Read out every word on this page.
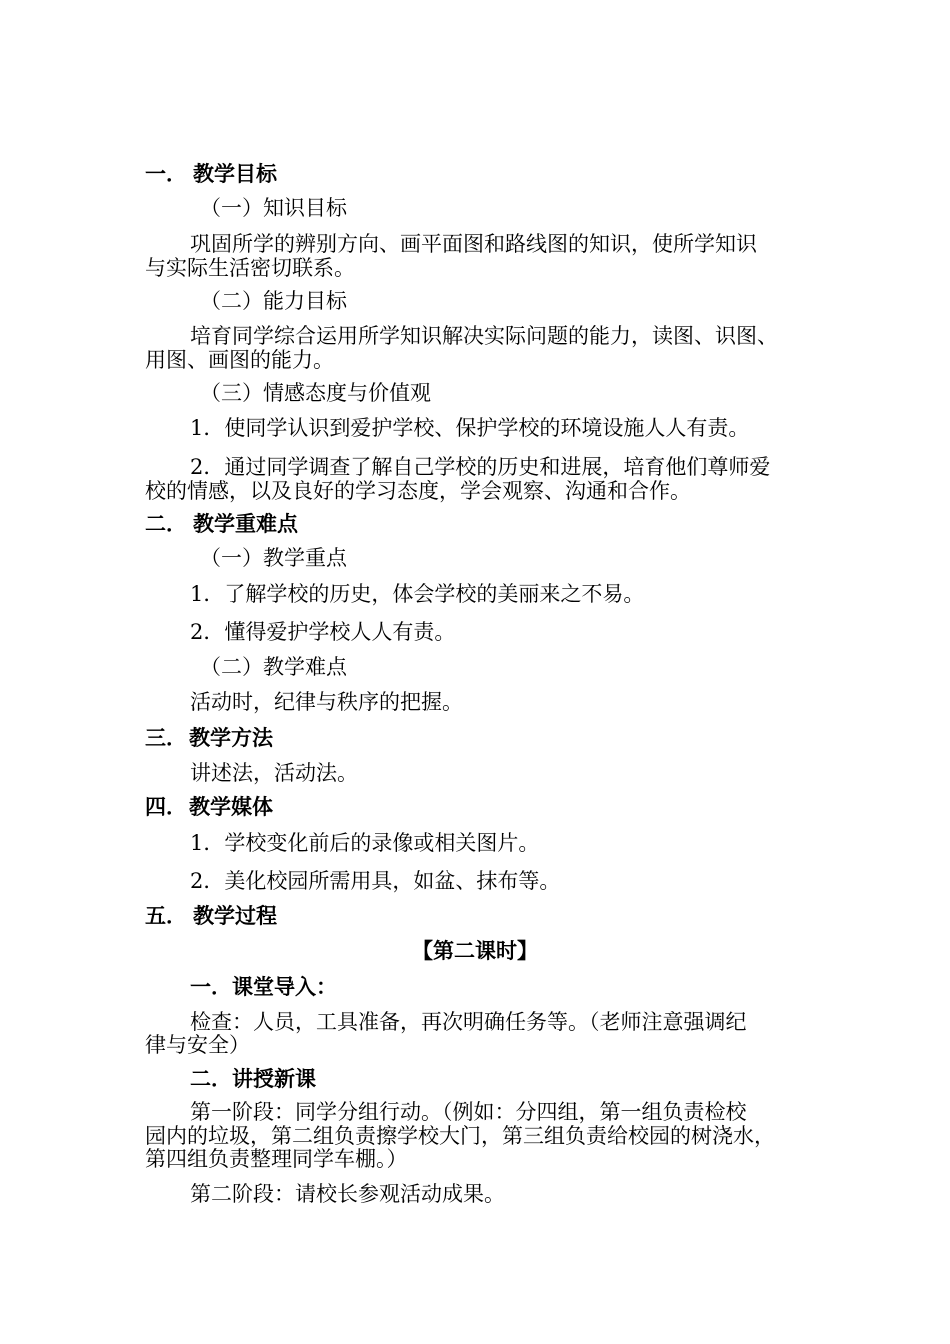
一． 教学目标
（一）知识目标
巩固所学的辨别方向、画平面图和路线图的知识，使所学知识
与实际生活密切联系。
（二）能力目标
培育同学综合运用所学知识解决实际问题的能力，读图、识图、
用图、画图的能力。
（三）情感态度与价值观
1．使同学认识到爱护学校、保护学校的环境设施人人有责。
2．通过同学调查了解自己学校的历史和进展，培育他们尊师爱
校的情感，以及良好的学习态度，学会观察、沟通和合作。
二． 教学重难点
（一）教学重点
1．了解学校的历史，体会学校的美丽来之不易。
2．懂得爱护学校人人有责。
（二）教学难点
活动时，纪律与秩序的把握。
三．教学方法
讲述法，活动法。
四．教学媒体
1．学校变化前后的录像或相关图片。
2．美化校园所需用具，如盆、抹布等。
五． 教学过程
【第二课时】
一．课堂导入：
检查：人员，工具准备，再次明确任务等。（老师注意强调纪
律与安全）
二．讲授新课
第一阶段：同学分组行动。（例如：分四组，第一组负责检校
园内的垃圾，第二组负责擦学校大门，第三组负责给校园的树浇水，
第四组负责整理同学车棚。）
第二阶段：请校长参观活动成果。
